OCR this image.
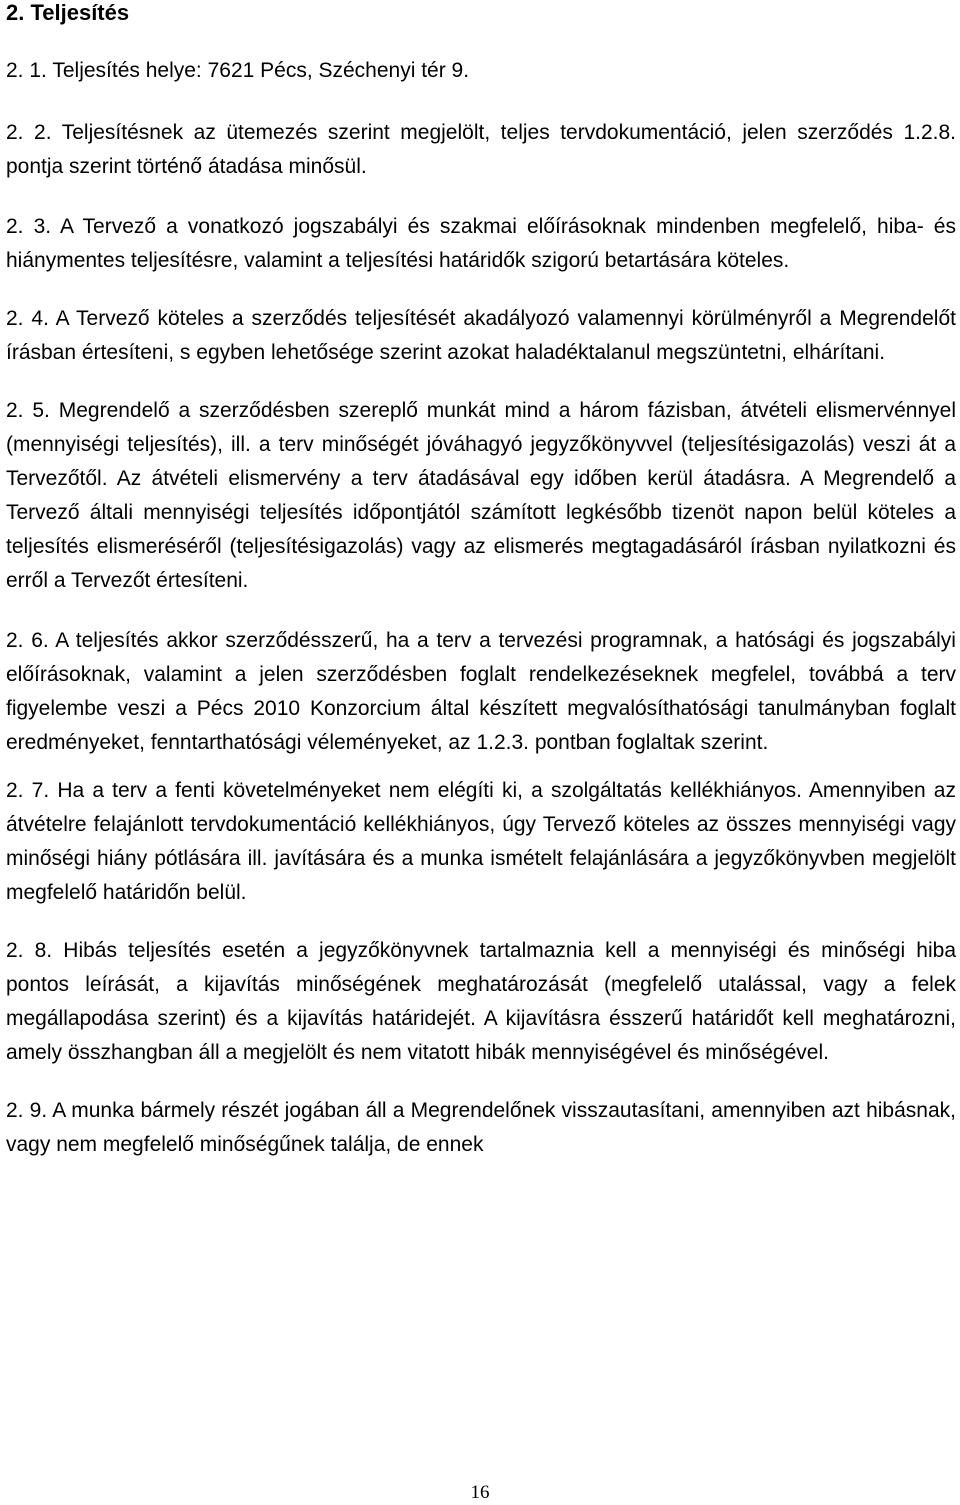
2. Teljesítés

2. 1. Teljesítés helye: 7621 Pécs, Széchenyi tér 9.

2. 2. Teljesítésnek az ütemezés szerint megjelölt, teljes tervdokumentáció, jelen szerződés 1.2.8. pontja szerint történő átadása minősül.

2. 3. A Tervező a vonatkozó jogszabályi és szakmai előírásoknak mindenben megfelelő, hiba- és hiánymentes teljesítésre, valamint a teljesítési határidők szigorú betartására köteles.

2. 4. A Tervező köteles a szerződés teljesítését akadályozó valamennyi körülményről a Megrendelőt írásban értesíteni, s egyben lehetősége szerint azokat haladéktalanul megszüntetni, elhárítani.

2. 5. Megrendelő a szerződésben szereplő munkát mind a három fázisban, átvételi elismervénnyel (mennyiségi teljesítés), ill. a terv minőségét jóváhagyó jegyzőkönyvvel (teljesítésigazolás) veszi át a Tervezőtől. Az átvételi elismervény a terv átadásával egy időben kerül átadásra. A Megrendelő a Tervező általi mennyiségi teljesítés időpontjától számított legkésőbb tizenöt napon belül köteles a teljesítés elismeréséről (teljesítésigazolás) vagy az elismerés megtagadásáról írásban nyilatkozni és erről a Tervezőt értesíteni.

2. 6. A teljesítés akkor szerződésszerű, ha a terv a tervezési programnak, a hatósági és jogszabályi előírásoknak, valamint a jelen szerződésben foglalt rendelkezéseknek megfelel, továbbá a terv figyelembe veszi a Pécs 2010 Konzorcium által készített megvalósíthatósági tanulmányban foglalt eredményeket, fenntarthatósági véleményeket, az 1.2.3. pontban foglaltak szerint.

2. 7. Ha a terv a fenti követelményeket nem elégíti ki, a szolgáltatás kellékhiányos. Amennyiben az átvételre felajánlott tervdokumentáció kellékhiányos, úgy Tervező köteles az összes mennyiségi vagy minőségi hiány pótlására ill. javítására és a munka ismételt felajánlására a jegyzőkönyvben megjelölt megfelelő határidőn belül.

2. 8. Hibás teljesítés esetén a jegyzőkönyvnek tartalmaznia kell a mennyiségi és minőségi hiba pontos leírását, a kijavítás minőségének meghatározását (megfelelő utalással, vagy a felek megállapodása szerint) és a kijavítás határidejét. A kijavításra ésszerű határidőt kell meghatározni, amely összhangban áll a megjelölt és nem vitatott hibák mennyiségével és minőségével.

2. 9. A munka bármely részét jogában áll a Megrendelőnek visszautasítani, amennyiben azt hibásnak, vagy nem megfelelő minőségűnek találja, de ennek

16
